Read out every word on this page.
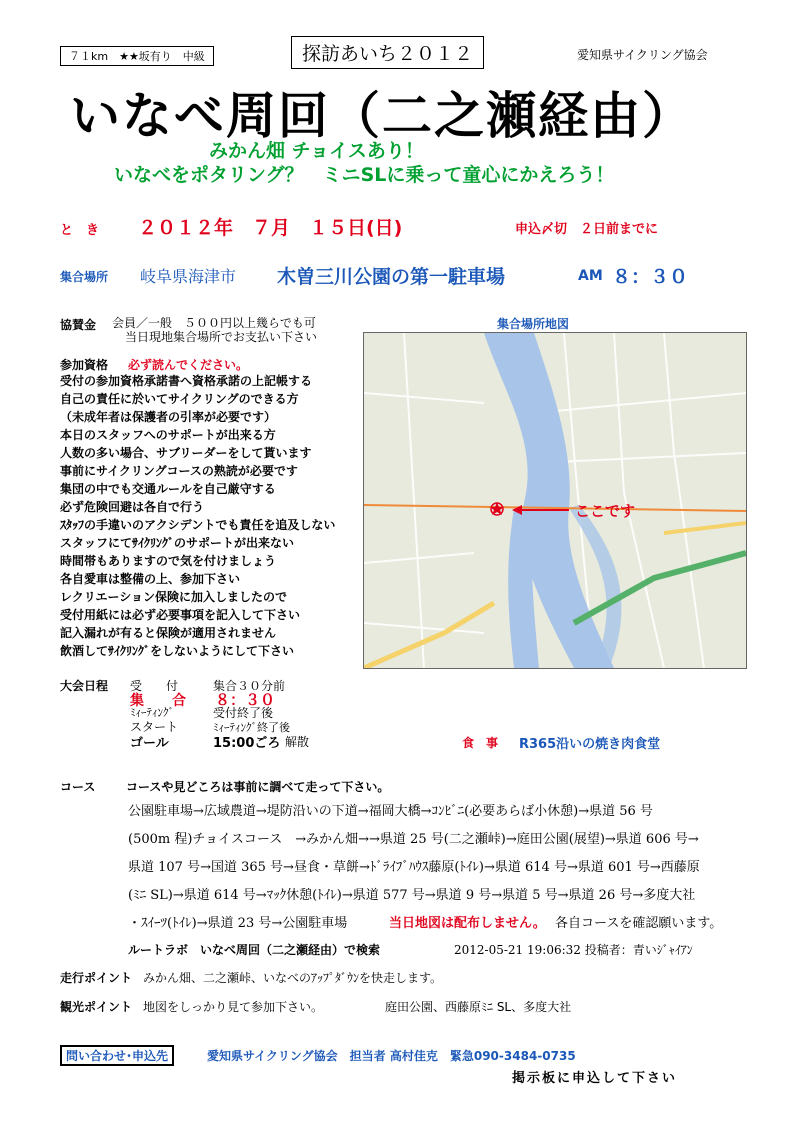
７１km　★★坂有り　中級	探訪あいち２０１２	愛知県サイクリング協会
いなべ周回（二之瀬経由）
みかん畑 チョイスあり！
いなべをポタリング？　ミニSLに乗って童心にかえろう！
と　き ２０１２年　７月　１５日(日)	申込〆切　２日前までに
集合場所 岐阜県海津市 木曽三川公園の第一駐車場	AM ８：３０
協賛金 会員／一般　５００円以上幾らでも可
当日現地集合場所でお支払い下さい
参加資格 必ず読んでください。
受付の参加資格承諾書へ資格承諾の上記帳する
自己の責任に於いてサイクリングのできる方
（未成年者は保護者の引率が必要です）
本日のスタッフへのサポートが出来る方
人数の多い場合、サブリーダーをして貰います
事前にサイクリングコースの熟読が必要です
集団の中でも交通ルールを自己厳守する
必ず危険回避は各自で行う
ｽﾀｯﾌの手違いのアクシデントでも責任を追及しない
スタッフにてｻｲｸﾘﾝｸﾞのサポートが出来ない
時間帯もありますので気を付けましょう
各自愛車は整備の上、参加下さい
レクリエーション保険に加入しましたので
受付用紙には必ず必要事項を記入して下さい
記入漏れが有ると保険が適用されません
飲酒してｻｲｸﾘﾝｸﾞをしないようにして下さい
集合場所地図
ここです
大会日程 受　　付	集合３０分前
集　　合 ８：３０
ﾐｨｰﾃｨﾝｸﾞ	受付終了後
スタート	ﾐｨｰﾃｨﾝｸﾞ終了後
ゴール	15:00ごろ 解散	食　事 R365沿いの焼き肉食堂
コース	コースや見どころは事前に調べて走って下さい。
公園駐車場→広域農道→堤防沿いの下道→福岡大橋→ｺﾝﾋﾞﾆ(必要あらば小休憩)→県道 56 号
(500m 程)チョイスコース　→みかん畑→→県道 25 号(二之瀬峠)→庭田公園(展望)→県道 606 号→
県道 107 号→国道 365 号→昼食・草餅→ﾄﾞﾗｲﾌﾞﾊｳｽ藤原(ﾄｲﾚ)→県道 614 号→県道 601 号→西藤原
(ﾐﾆ SL)→県道 614 号→ﾏｯｸ休憩(ﾄｲﾚ)→県道 577 号→県道 9 号→県道 5 号→県道 26 号→多度大社
・ｽｲｰﾂ(ﾄｲﾚ)→県道 23 号→公園駐車場	当日地図は配布しません。 各自コースを確認願います。
ルートラボ　いなべ周回（二之瀬経由）で検索	2012-05-21 19:06:32 投稿者：青いｼﾞｬｲｱﾝ
走行ポイント みかん畑、二之瀬峠、いなべのｱｯﾌﾟﾀﾞｳﾝを快走します。
観光ポイント 地図をしっかり見て参加下さい。	庭田公園、西藤原ﾐﾆ SL、多度大社
問い合わせ･申込先	愛知県サイクリング協会　担当者 高村佳克　緊急090-3484-0735
掲示板に申込して下さい
